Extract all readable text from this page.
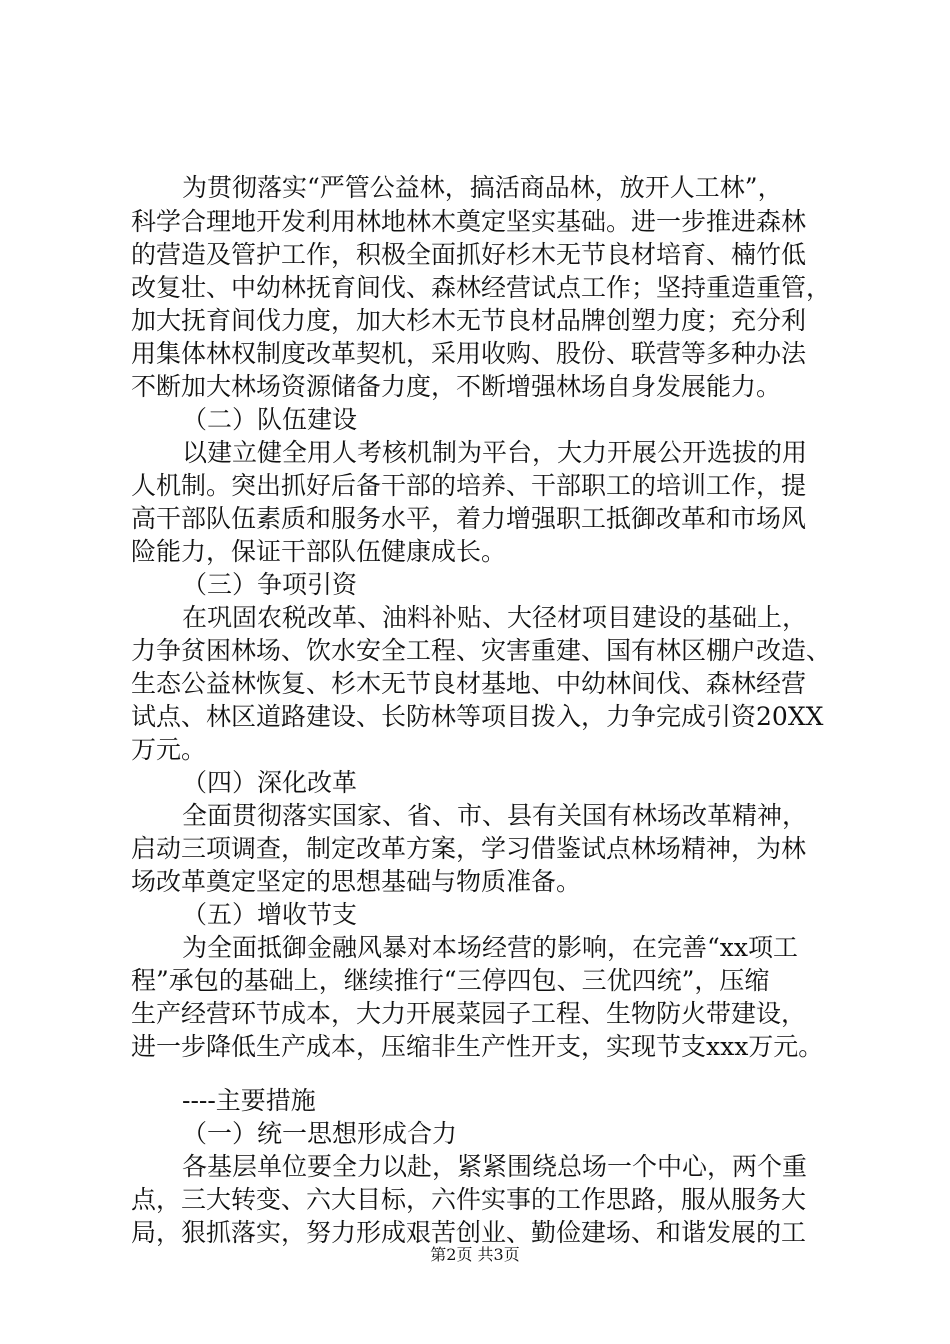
为贯彻落实“严管公益林，搞活商品林，放开人工林”，
科学合理地开发利用林地林木奠定坚实基础。进一步推进森林
的营造及管护工作，积极全面抓好杉木无节良材培育、楠竹低
改复壮、中幼林抚育间伐、森林经营试点工作；坚持重造重管，
加大抚育间伐力度，加大杉木无节良材品牌创塑力度；充分利
用集体林权制度改革契机，采用收购、股份、联营等多种办法
不断加大林场资源储备力度，不断增强林场自身发展能力。
（二）队伍建设
以建立健全用人考核机制为平台，大力开展公开选拔的用
人机制。突出抓好后备干部的培养、干部职工的培训工作，提
高干部队伍素质和服务水平，着力增强职工抵御改革和市场风
险能力，保证干部队伍健康成长。
（三）争项引资
在巩固农税改革、油料补贴、大径材项目建设的基础上，
力争贫困林场、饮水安全工程、灾害重建、国有林区棚户改造、
生态公益林恢复、杉木无节良材基地、中幼林间伐、森林经营
试点、林区道路建设、长防林等项目拨入，力争完成引资20XX
万元。
（四）深化改革
全面贯彻落实国家、省、市、县有关国有林场改革精神，
启动三项调查，制定改革方案，学习借鉴试点林场精神，为林
场改革奠定坚定的思想基础与物质准备。
（五）增收节支
为全面抵御金融风暴对本场经营的影响，在完善“xx项工
程”承包的基础上，继续推行“三停四包、三优四统”，压缩
生产经营环节成本，大力开展菜园子工程、生物防火带建设，
进一步降低生产成本，压缩非生产性开支，实现节支xxx万元。
----主要措施
（一）统一思想形成合力
各基层单位要全力以赴，紧紧围绕总场一个中心，两个重
点，三大转变、六大目标，六件实事的工作思路，服从服务大
局，狠抓落实，努力形成艰苦创业、勤俭建场、和谐发展的工
第2页 共3页
